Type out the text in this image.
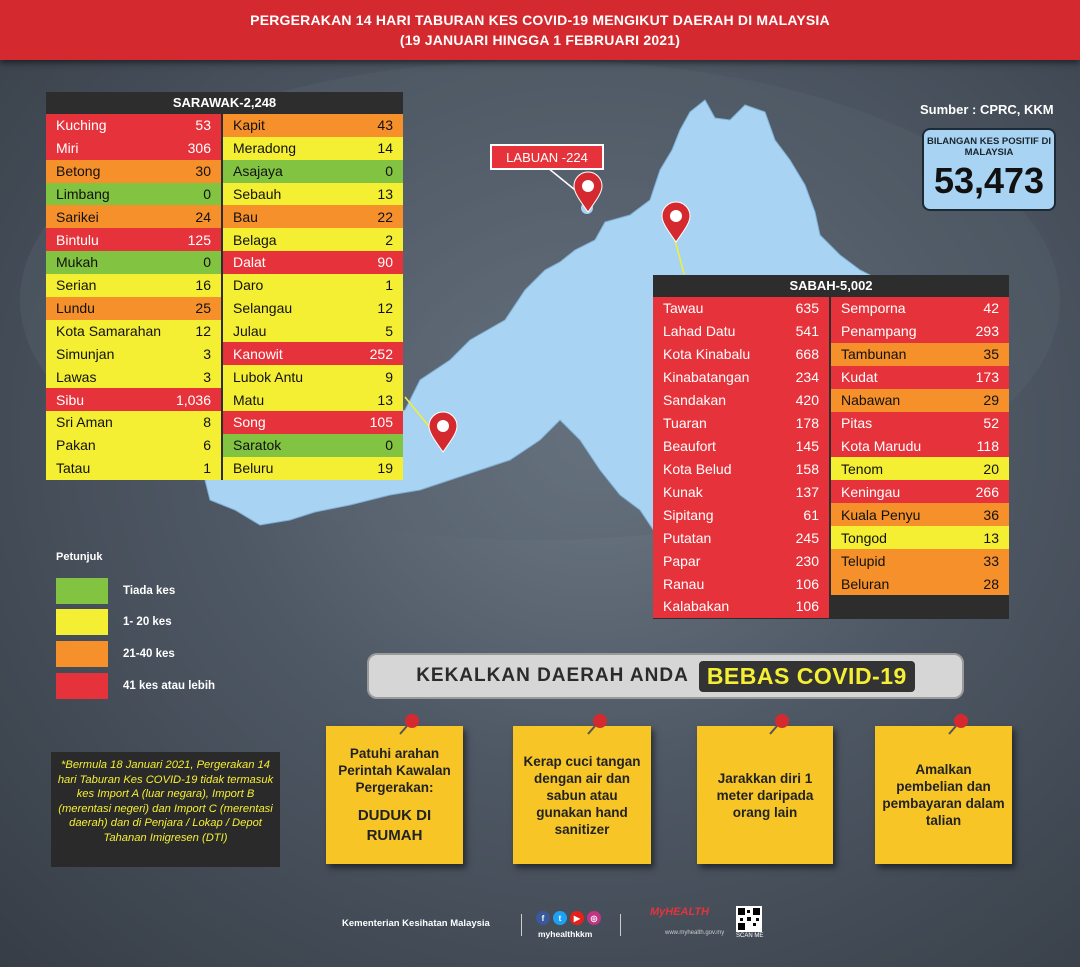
PERGERAKAN 14 HARI TABURAN KES COVID-19 MENGIKUT DAERAH DI MALAYSIA
(19 JANUARI HINGGA 1 FEBRUARI 2021)
Sumber : CPRC, KKM
BILANGAN KES POSITIF DI MALAYSIA
53,473
SARAWAK-2,248
Kuching	53
Miri	306
Betong	30
Limbang	0
Sarikei	24
Bintulu	125
Mukah	0
Serian	16
Lundu	25
Kota Samarahan 12
Simunjan	3
Lawas	3
Sibu	1,036
Sri Aman	8
Pakan	6
Tatau	1
Kapit	43
Meradong	14
Asajaya	0
Sebauh	13
Bau	22
Belaga	2
Dalat	90
Daro	1
Selangau	12
Julau	5
Kanowit	252
Lubok Antu	9
Matu	13
Song	105
Saratok	0
Beluru	19
SABAH-5,002
Tawau	635
Lahad Datu	541
Kota Kinabalu	668
Kinabatangan	234
Sandakan	420
Tuaran	178
Beaufort	145
Kota Belud	158
Kunak	137
Sipitang	61
Putatan	245
Papar	230
Ranau	106
Kalabakan	106
Semporna	42
Penampang	293
Tambunan	35
Kudat	173
Nabawan	29
Pitas	52
Kota Marudu	118
Tenom	20
Keningau	266
Kuala Penyu	36
Tongod	13
Telupid	33
Beluran	28
LABUAN -224
Petunjuk
Tiada kes
1- 20 kes
21-40 kes
41 kes atau lebih
*Bermula 18 Januari 2021, Pergerakan 14 hari Taburan Kes COVID-19 tidak termasuk kes Import A (luar negara), Import B (merentasi negeri) dan Import C (merentasi daerah) dan di Penjara / Lokap / Depot Tahanan Imigresen (DTI)
KEKALKAN DAERAH ANDA BEBAS COVID-19
Patuhi arahan Perintah Kawalan Pergerakan:
DUDUK DI RUMAH
Kerap cuci tangan dengan air dan sabun atau gunakan hand sanitizer
Jarakkan diri 1 meter daripada orang lain
Amalkan pembelian dan pembayaran dalam talian
Kementerian Kesihatan Malaysia	f	t	▶	◎
myhealthkkm
MyHEALTH
www.myhealth.gov.my SCAN ME
